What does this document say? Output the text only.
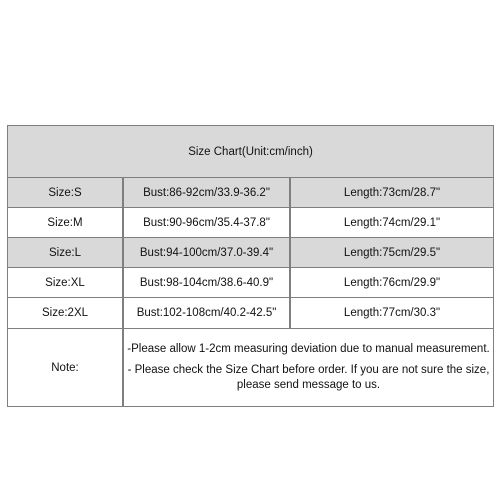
Size Chart(Unit:cm/inch)
Size:S	Bust:86-92cm/33.9-36.2"	Length:73cm/28.7"
Size:M	Bust:90-96cm/35.4-37.8"	Length:74cm/29.1"
Size:L	Bust:94-100cm/37.0-39.4"	Length:75cm/29.5"
Size:XL	Bust:98-104cm/38.6-40.9"	Length:76cm/29.9"
Size:2XL	Bust:102-108cm/40.2-42.5"	Length:77cm/30.3"
Note:
-Please allow 1-2cm measuring deviation due to manual measurement.
- Please check the Size Chart before order. If you are not sure the size, please send message to us.
